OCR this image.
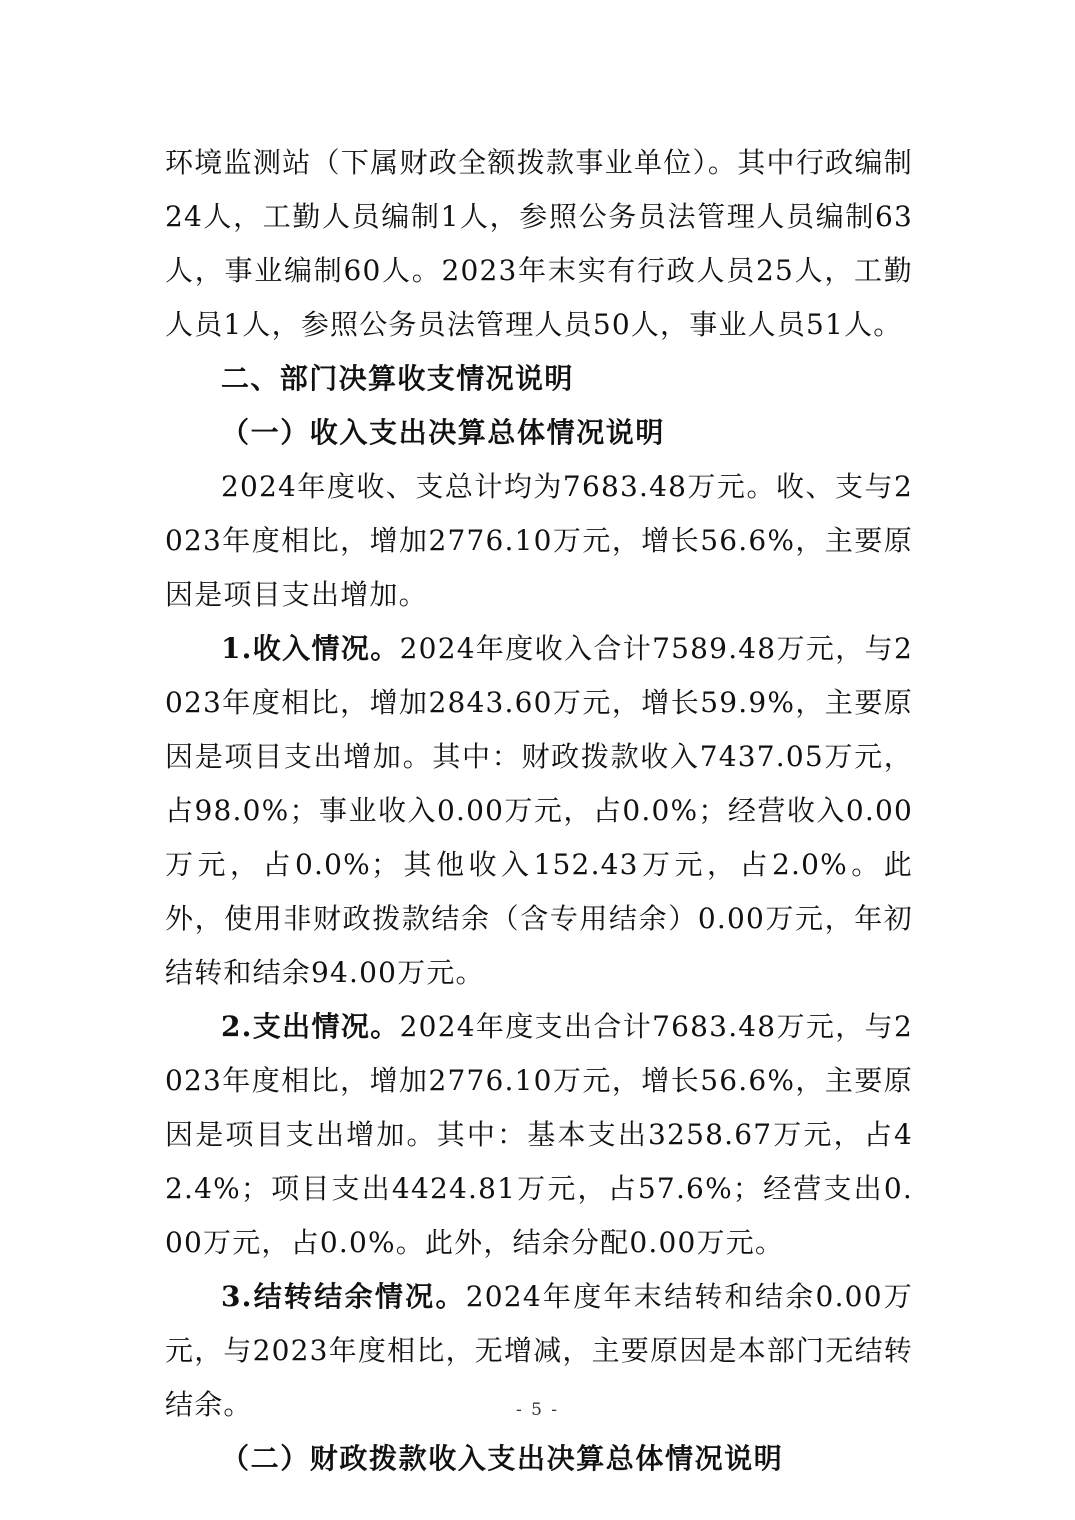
环境监测站（下属财政全额拨款事业单位）。其中行政编制24人，工勤人员编制1人，参照公务员法管理人员编制63人，事业编制60人。2023年末实有行政人员25人，工勤人员1人，参照公务员法管理人员50人，事业人员51人。

二、部门决算收支情况说明

（一）收入支出决算总体情况说明

2024年度收、支总计均为7683.48万元。收、支与2023年度相比，增加2776.10万元，增长56.6%，主要原因是项目支出增加。

1.收入情况。2024年度收入合计7589.48万元，与2023年度相比，增加2843.60万元，增长59.9%，主要原因是项目支出增加。其中：财政拨款收入7437.05万元，占98.0%；事业收入0.00万元，占0.0%；经营收入0.00万元，占0.0%；其他收入152.43万元，占2.0%。此外，使用非财政拨款结余（含专用结余）0.00万元，年初结转和结余94.00万元。

2.支出情况。2024年度支出合计7683.48万元，与2023年度相比，增加2776.10万元，增长56.6%，主要原因是项目支出增加。其中：基本支出3258.67万元，占42.4%；项目支出4424.81万元，占57.6%；经营支出0.00万元，占0.0%。此外，结余分配0.00万元。

3.结转结余情况。2024年度年末结转和结余0.00万元，与2023年度相比，无增减，主要原因是本部门无结转结余。

（二）财政拨款收入支出决算总体情况说明

- 5 -
